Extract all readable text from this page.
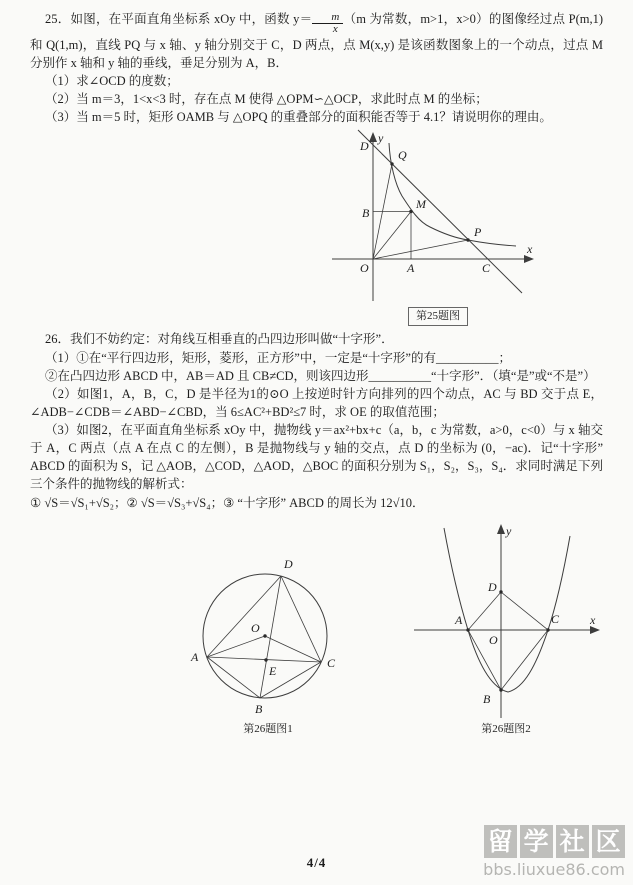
25．如图，在平面直角坐标系 xOy 中，函数 $y= \frac{m}{x} (m$ 为常数，m>1，x>0）的图像经过点 P(m,1) 和 Q(1,m)，直线 PQ 与 x 轴、y 轴分别交于 C，D 两点，点 M(x,y) 是该函数图象上的一个动点，过点 M 分别作 x 轴和 y 轴的垂线，垂足分别为 A，B．

（1）求∠OCD 的度数；

（2）当 m＝3，1<x<3 时，存在点 M 使得 △OPM∽△OCP，求此时点 M 的坐标；

（3）当 m＝5 时，矩形 OAMB 与 △OPQ 的重叠部分的面积能否等于 4.1？请说明你的理由。

y
x
D
Q
M
B
P
O	A	C
第25题图

26．我们不妨约定：对角线互相垂直的凸四边形叫做“十字形”．

（1）①在“平行四边形，矩形，菱形，正方形”中，一定是“十字形”的有__________；

②在凸四边形 ABCD 中，AB＝AD 且 CB≠CD，则该四边形__________“十字形”．（填“是”或“不是”）

（2）如图1，A，B，C，D 是半径为1的⊙O 上按逆时针方向排列的四个动点，AC 与 BD 交于点 E，∠ADB−∠CDB＝∠ABD−∠CBD，当 6≤AC²+BD²≤7 时，求 OE 的取值范围；

（3）如图2，在平面直角坐标系 xOy 中，抛物线 y＝ax²+bx+c（a，b，c 为常数，a>0，c<0）与 x 轴交于 A，C 两点（点 A 在点 C 的左侧），B 是抛物线与 y 轴的交点，点 D 的坐标为 (0，−ac)．记“十字形” ABCD 的面积为 S，记 △AOB，△COD，△AOD，△BOC 的面积分别为 S₁，S₂，S₃，S₄．求同时满足下列三个条件的抛物线的解析式：

① √S＝√S₁+√S₂；② √S＝√S₃+√S₄；③ “十字形” ABCD 的周长为 12√10．

D
A
B
C
O
E
第26题图1
y
x
O
D
A	C
B
第26题图2
4/4
留 学 社 区
bbs.liuxue86.com
